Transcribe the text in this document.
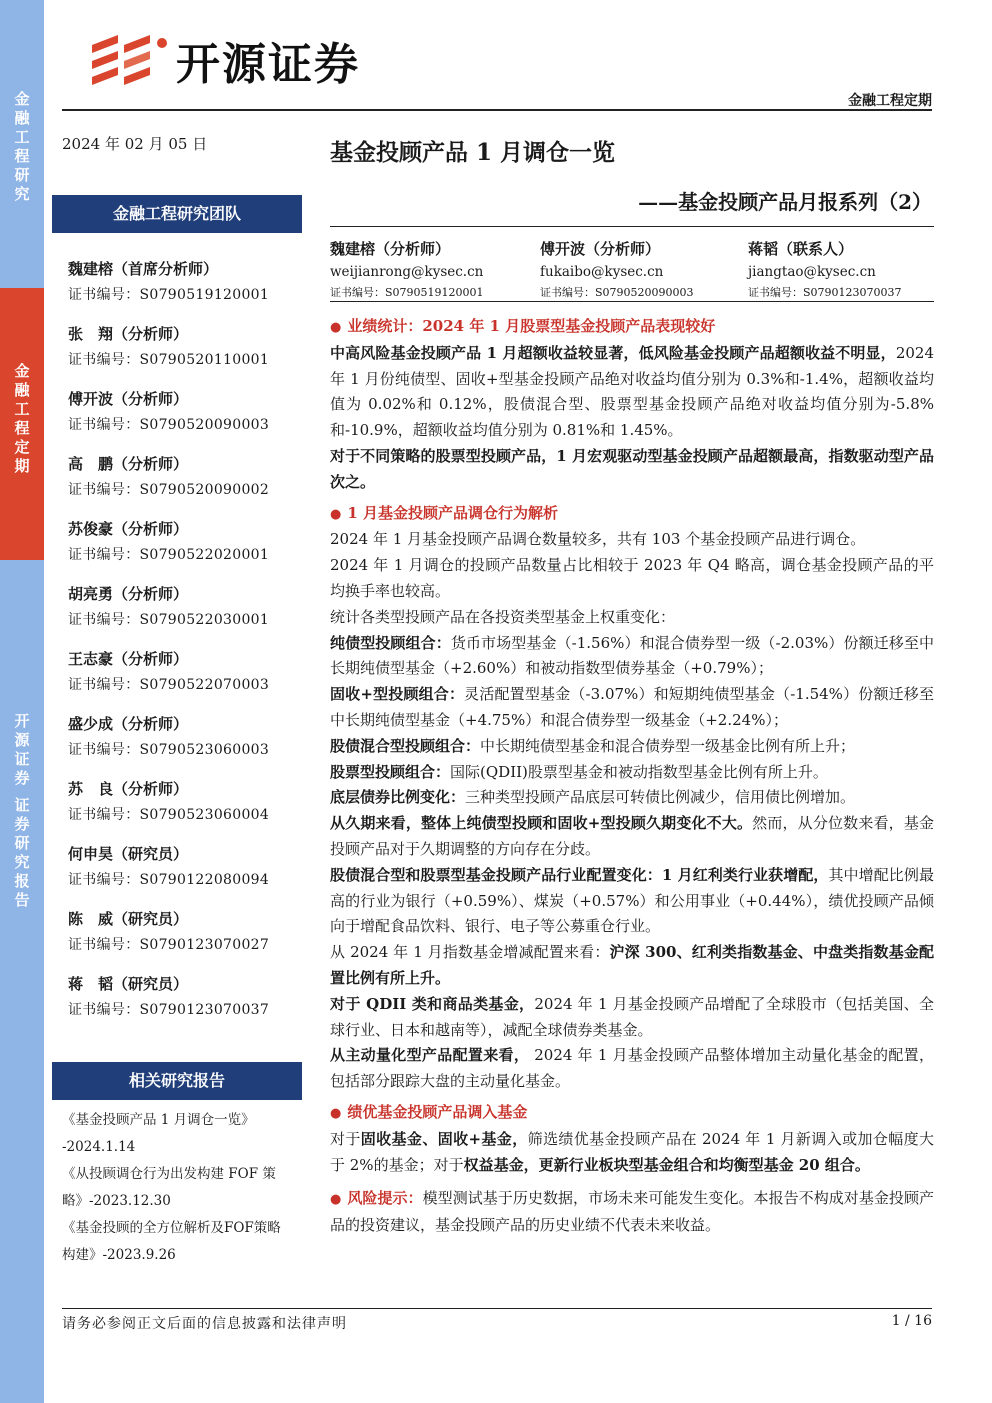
金
融
工
程
研
究
金
融
工
程
定
期
开
源
证
券
证
券
研
究
报
告
开源证券
金融工程定期
2024 年 02 月 05 日	基金投顾产品 1 月调仓一览
——基金投顾产品月报系列（2）
魏建榕（分析师）
weijianrong@kysec.cn
证书编号：S0790519120001
傅开波（分析师）
fukaibo@kysec.cn
证书编号：S0790520090003
蒋韬（联系人）
jiangtao@kysec.cn
证书编号：S0790123070037
金融工程研究团队
魏建榕（首席分析师）
证书编号：S0790519120001
张　翔（分析师）
证书编号：S0790520110001
傅开波（分析师）
证书编号：S0790520090003
高　鹏（分析师）
证书编号：S0790520090002
苏俊豪（分析师）
证书编号：S0790522020001
胡亮勇（分析师）
证书编号：S0790522030001
王志豪（分析师）
证书编号：S0790522070003
盛少成（分析师）
证书编号：S0790523060003
苏　良（分析师）
证书编号：S0790523060004
何申昊（研究员）
证书编号：S0790122080094
陈　威（研究员）
证书编号：S0790123070027
蒋　韬（研究员）
证书编号：S0790123070037
相关研究报告
《基金投顾产品 1 月调仓一览》
-2024.1.14
《从投顾调仓行为出发构建 FOF 策
略》-2023.12.30
《基金投顾的全方位解析及FOF策略
构建》-2023.9.26
● 业绩统计：2024 年 1 月股票型基金投顾产品表现较好
中高风险基金投顾产品 1 月超额收益较显著，低风险基金投顾产品超额收益不明显，2024 年 1 月份纯债型、固收+型基金投顾产品绝对收益均值分别为 0.3%和-1.4%，超额收益均值为 0.02%和 0.12%，股债混合型、股票型基金投顾产品绝对收益均值分别为-5.8%和-10.9%，超额收益均值分别为 0.81%和 1.45%。
对于不同策略的股票型投顾产品，1 月宏观驱动型基金投顾产品超额最高，指数驱动型产品次之。
● 1 月基金投顾产品调仓行为解析
2024 年 1 月基金投顾产品调仓数量较多，共有 103 个基金投顾产品进行调仓。
2024 年 1 月调仓的投顾产品数量占比相较于 2023 年 Q4 略高，调仓基金投顾产品的平均换手率也较高。
统计各类型投顾产品在各投资类型基金上权重变化：
纯债型投顾组合：货币市场型基金（-1.56%）和混合债券型一级（-2.03%）份额迁移至中长期纯债型基金（+2.60%）和被动指数型债券基金（+0.79%）；
固收+型投顾组合：灵活配置型基金（-3.07%）和短期纯债型基金（-1.54%）份额迁移至中长期纯债型基金（+4.75%）和混合债券型一级基金（+2.24%）；
股债混合型投顾组合：中长期纯债型基金和混合债券型一级基金比例有所上升；
股票型投顾组合：国际(QDII)股票型基金和被动指数型基金比例有所上升。
底层债券比例变化：三种类型投顾产品底层可转债比例减少，信用债比例增加。
从久期来看，整体上纯债型投顾和固收+型投顾久期变化不大。然而，从分位数来看，基金投顾产品对于久期调整的方向存在分歧。
股债混合型和股票型基金投顾产品行业配置变化：1 月红利类行业获增配，其中增配比例最高的行业为银行（+0.59%）、煤炭（+0.57%）和公用事业（+0.44%），绩优投顾产品倾向于增配食品饮料、银行、电子等公募重仓行业。
从 2024 年 1 月指数基金增减配置来看：沪深 300、红利类指数基金、中盘类指数基金配置比例有所上升。
对于 QDII 类和商品类基金，2024 年 1 月基金投顾产品增配了全球股市（包括美国、全球行业、日本和越南等），减配全球债券类基金。
从主动量化型产品配置来看， 2024 年 1 月基金投顾产品整体增加主动量化基金的配置，包括部分跟踪大盘的主动量化基金。
● 绩优基金投顾产品调入基金
对于固收基金、固收+基金，筛选绩优基金投顾产品在 2024 年 1 月新调入或加仓幅度大于 2%的基金；对于权益基金，更新行业板块型基金组合和均衡型基金 20 组合。
● 风险提示：模型测试基于历史数据，市场未来可能发生变化。本报告不构成对基金投顾产品的投资建议，基金投顾产品的历史业绩不代表未来收益。
请务必参阅正文后面的信息披露和法律声明	1 / 16
